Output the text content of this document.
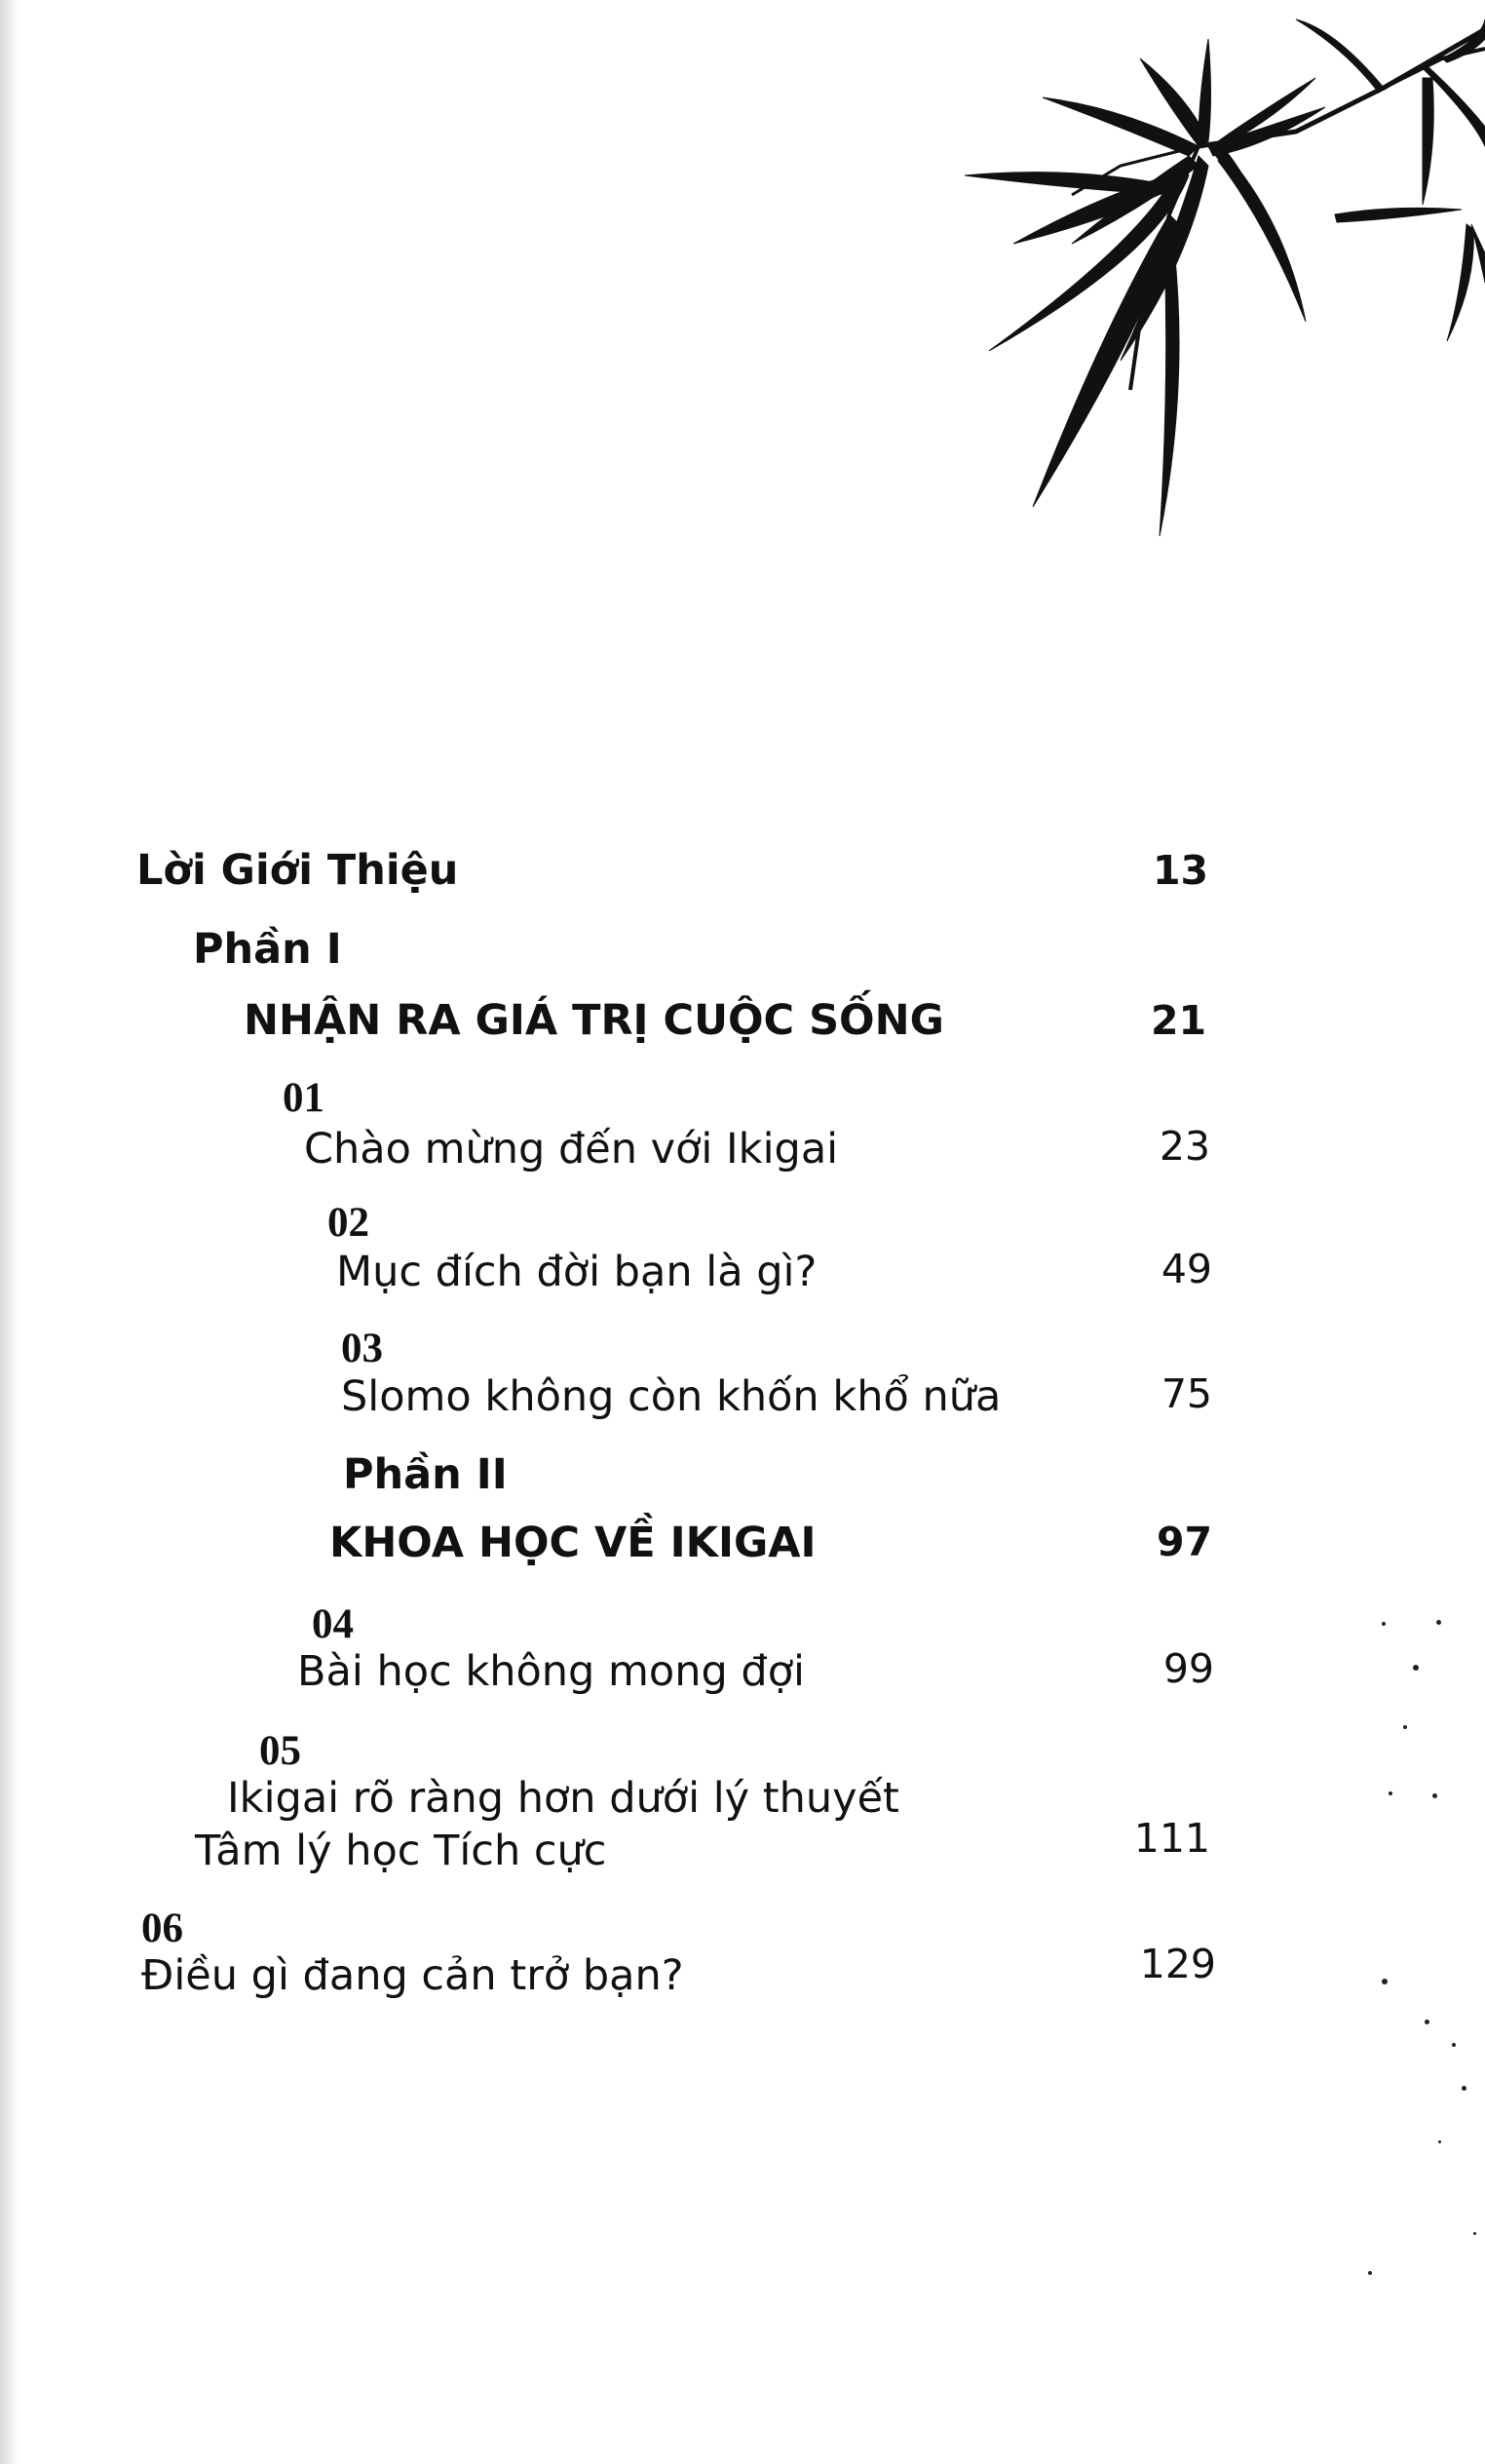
Lời Giới Thiệu	13
Phần I
NHẬN RA GIÁ TRỊ CUỘC SỐNG	21
01
Chào mừng đến với Ikigai	23
02
Mục đích đời bạn là gì?	49
03
Slomo không còn khốn khổ nữa	75
Phần II
KHOA HỌC VỀ IKIGAI	97
04
Bài học không mong đợi	99
05
Ikigai rõ ràng hơn dưới lý thuyết
Tâm lý học Tích cực	111
06
Điều gì đang cản trở bạn?	129
